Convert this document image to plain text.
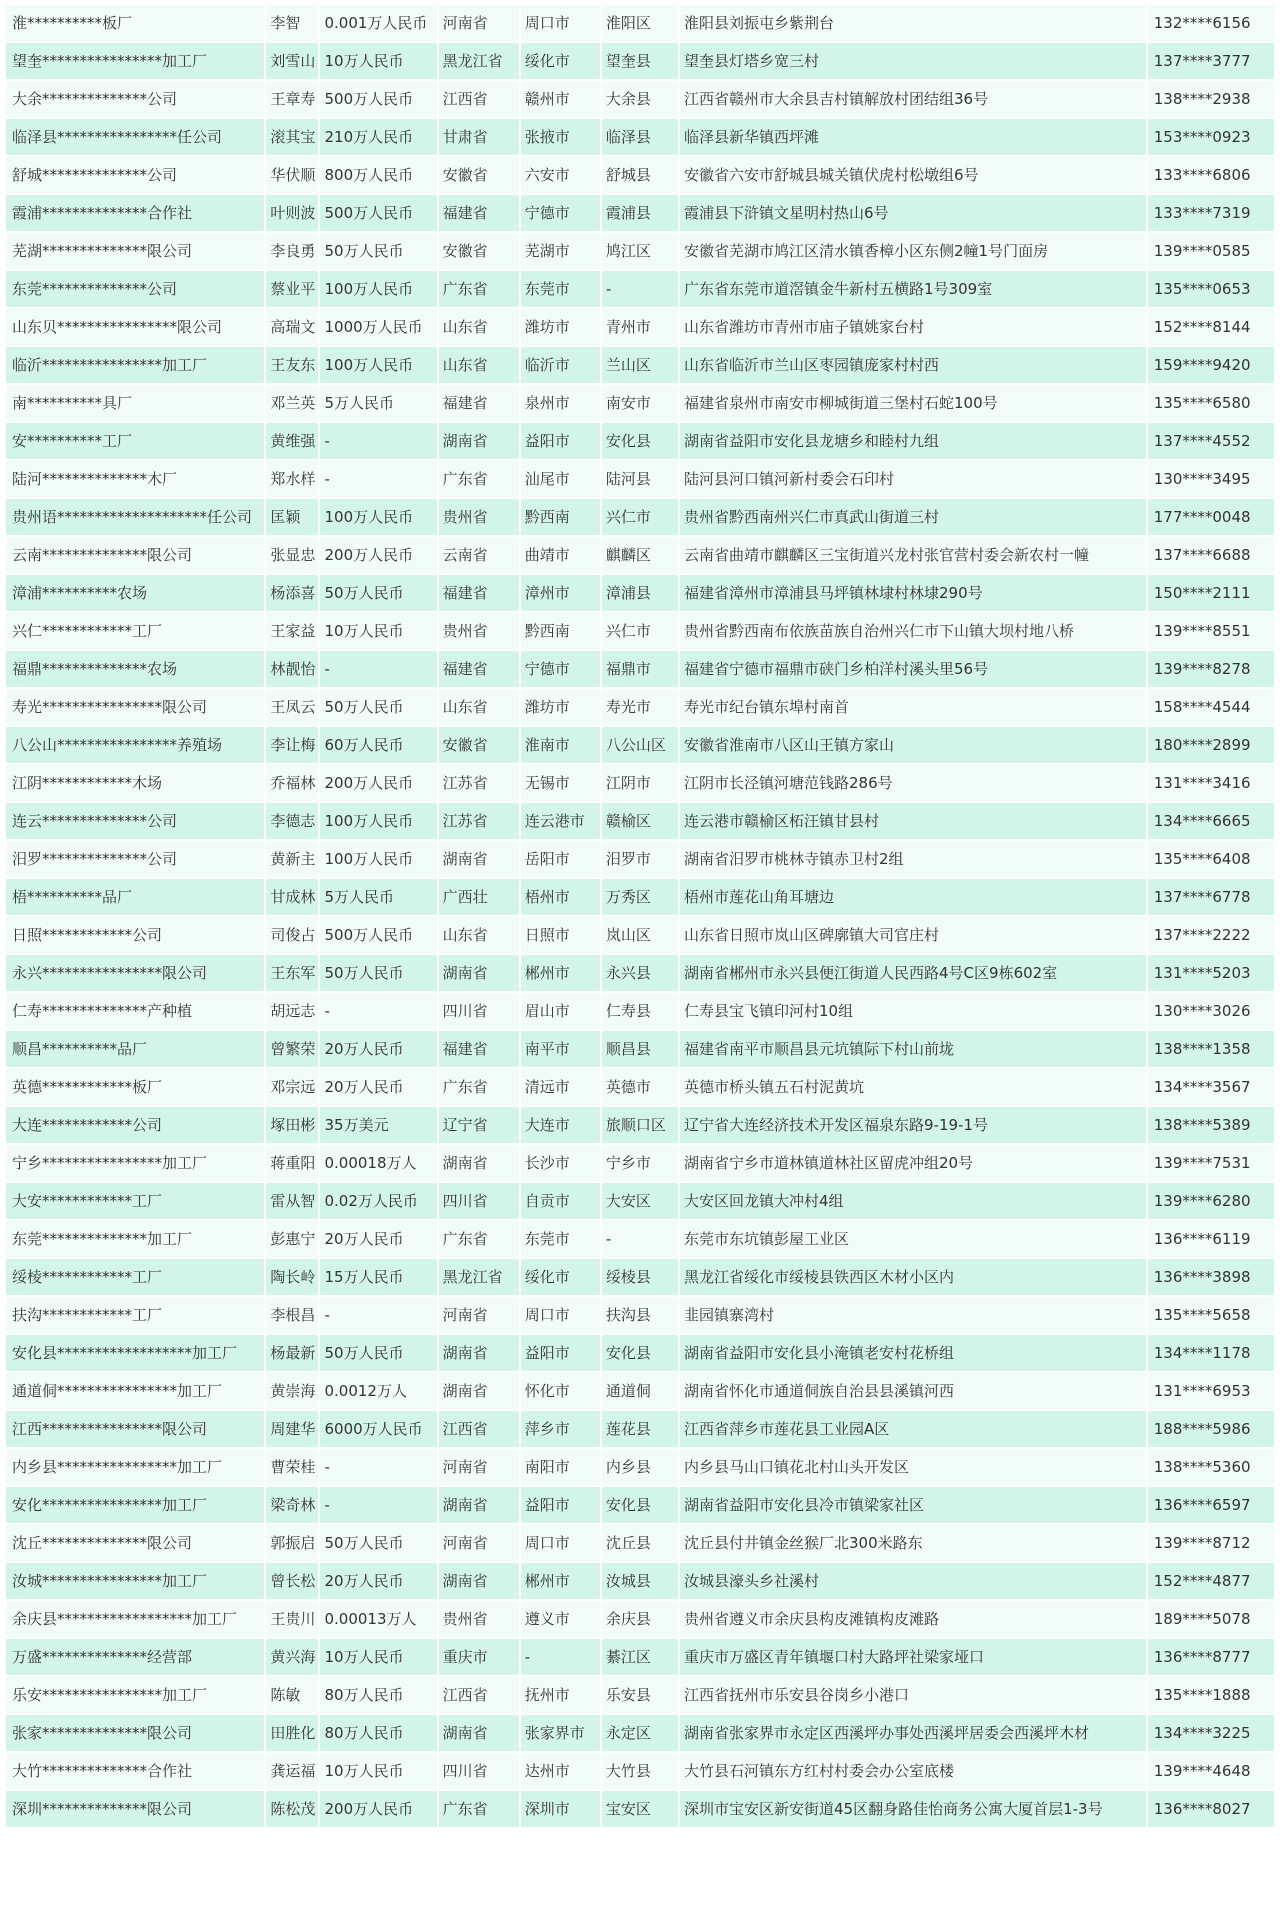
淮**********板厂	李智	0.001万人民币	河南省	周口市	淮阳区	淮阳县刘振屯乡紫荆台	132****6156
望奎****************加工厂	刘雪山	10万人民币	黑龙江省	绥化市	望奎县	望奎县灯塔乡宽三村	137****3777
大余**************公司	王章寿	500万人民币	江西省	赣州市	大余县	江西省赣州市大余县吉村镇解放村团结组36号	138****2938
临泽县****************任公司	滚其宝	210万人民币	甘肃省	张掖市	临泽县	临泽县新华镇西坪滩	153****0923
舒城**************公司	华伏顺	800万人民币	安徽省	六安市	舒城县	安徽省六安市舒城县城关镇伏虎村松墩组6号	133****6806
霞浦**************合作社	叶则波	500万人民币	福建省	宁德市	霞浦县	霞浦县下浒镇文星明村热山6号	133****7319
芜湖**************限公司	李良勇	50万人民币	安徽省	芜湖市	鸠江区	安徽省芜湖市鸠江区清水镇香樟小区东侧2幢1号门面房	139****0585
东莞**************公司	蔡业平	100万人民币	广东省	东莞市	-	广东省东莞市道滘镇金牛新村五横路1号309室	135****0653
山东贝****************限公司	高瑞文	1000万人民币	山东省	潍坊市	青州市	山东省潍坊市青州市庙子镇姚家台村	152****8144
临沂****************加工厂	王友东	100万人民币	山东省	临沂市	兰山区	山东省临沂市兰山区枣园镇庞家村村西	159****9420
南**********具厂	邓兰英	5万人民币	福建省	泉州市	南安市	福建省泉州市南安市柳城街道三堡村石蛇100号	135****6580
安**********工厂	黄维强	-	湖南省	益阳市	安化县	湖南省益阳市安化县龙塘乡和睦村九组	137****4552
陆河**************木厂	郑水样	-	广东省	汕尾市	陆河县	陆河县河口镇河新村委会石印村	130****3495
贵州语********************任公司	匡颖	100万人民币	贵州省	黔西南	兴仁市	贵州省黔西南州兴仁市真武山街道三村	177****0048
云南**************限公司	张显忠	200万人民币	云南省	曲靖市	麒麟区	云南省曲靖市麒麟区三宝街道兴龙村张官营村委会新农村一幢	137****6688
漳浦**********农场	杨添喜	50万人民币	福建省	漳州市	漳浦县	福建省漳州市漳浦县马坪镇林埭村林埭290号	150****2111
兴仁************工厂	王家益	10万人民币	贵州省	黔西南	兴仁市	贵州省黔西南布依族苗族自治州兴仁市下山镇大坝村地八桥	139****8551
福鼎**************农场	林靓怡	-	福建省	宁德市	福鼎市	福建省宁德市福鼎市硖门乡柏洋村溪头里56号	139****8278
寿光****************限公司	王凤云	50万人民币	山东省	潍坊市	寿光市	寿光市纪台镇东埠村南首	158****4544
八公山****************养殖场	李让梅	60万人民币	安徽省	淮南市	八公山区	安徽省淮南市八区山王镇方家山	180****2899
江阴************木场	乔福林	200万人民币	江苏省	无锡市	江阴市	江阴市长泾镇河塘范钱路286号	131****3416
连云**************公司	李德志	100万人民币	江苏省	连云港市	赣榆区	连云港市赣榆区柘汪镇甘县村	134****6665
汨罗**************公司	黄新主	100万人民币	湖南省	岳阳市	汨罗市	湖南省汨罗市桃林寺镇赤卫村2组	135****6408
梧**********品厂	甘成林	5万人民币	广西壮	梧州市	万秀区	梧州市莲花山角耳塘边	137****6778
日照************公司	司俊占	500万人民币	山东省	日照市	岚山区	山东省日照市岚山区碑廓镇大司官庄村	137****2222
永兴****************限公司	王东军	50万人民币	湖南省	郴州市	永兴县	湖南省郴州市永兴县便江街道人民西路4号C区9栋602室	131****5203
仁寿**************产种植	胡远志	-	四川省	眉山市	仁寿县	仁寿县宝飞镇印河村10组	130****3026
顺昌**********品厂	曾繁荣	20万人民币	福建省	南平市	顺昌县	福建省南平市顺昌县元坑镇际下村山前垅	138****1358
英德************板厂	邓宗远	20万人民币	广东省	清远市	英德市	英德市桥头镇五石村泥黄坑	134****3567
大连************公司	塚田彬	35万美元	辽宁省	大连市	旅顺口区	辽宁省大连经济技术开发区福泉东路9-19-1号	138****5389
宁乡****************加工厂	蒋重阳	0.00018万人	湖南省	长沙市	宁乡市	湖南省宁乡市道林镇道林社区留虎冲组20号	139****7531
大安************工厂	雷从智	0.02万人民币	四川省	自贡市	大安区	大安区回龙镇大冲村4组	139****6280
东莞**************加工厂	彭惠宁	20万人民币	广东省	东莞市	-	东莞市东坑镇彭屋工业区	136****6119
绥棱************工厂	陶长岭	15万人民币	黑龙江省	绥化市	绥棱县	黑龙江省绥化市绥棱县铁西区木材小区内	136****3898
扶沟************工厂	李根昌	-	河南省	周口市	扶沟县	韭园镇寨湾村	135****5658
安化县******************加工厂	杨最新	50万人民币	湖南省	益阳市	安化县	湖南省益阳市安化县小淹镇老安村花桥组	134****1178
通道侗****************加工厂	黄崇海	0.0012万人	湖南省	怀化市	通道侗	湖南省怀化市通道侗族自治县县溪镇河西	131****6953
江西****************限公司	周建华	6000万人民币	江西省	萍乡市	莲花县	江西省萍乡市莲花县工业园A区	188****5986
内乡县****************加工厂	曹荣桂	-	河南省	南阳市	内乡县	内乡县马山口镇花北村山头开发区	138****5360
安化****************加工厂	梁奇林	-	湖南省	益阳市	安化县	湖南省益阳市安化县冷市镇梁家社区	136****6597
沈丘**************限公司	郭振启	50万人民币	河南省	周口市	沈丘县	沈丘县付井镇金丝猴厂北300米路东	139****8712
汝城****************加工厂	曾长松	20万人民币	湖南省	郴州市	汝城县	汝城县濠头乡社溪村	152****4877
余庆县******************加工厂	王贵川	0.00013万人	贵州省	遵义市	余庆县	贵州省遵义市余庆县构皮滩镇构皮滩路	189****5078
万盛**************经营部	黄兴海	10万人民币	重庆市	-	綦江区	重庆市万盛区青年镇堰口村大路坪社梁家垭口	136****8777
乐安****************加工厂	陈敏	80万人民币	江西省	抚州市	乐安县	江西省抚州市乐安县谷岗乡小港口	135****1888
张家**************限公司	田胜化	80万人民币	湖南省	张家界市	永定区	湖南省张家界市永定区西溪坪办事处西溪坪居委会西溪坪木材	134****3225
大竹**************合作社	龚运福	10万人民币	四川省	达州市	大竹县	大竹县石河镇东方红村村委会办公室底楼	139****4648
深圳**************限公司	陈松茂	200万人民币	广东省	深圳市	宝安区	深圳市宝安区新安街道45区翻身路佳怡商务公寓大厦首层1-3号	136****8027
